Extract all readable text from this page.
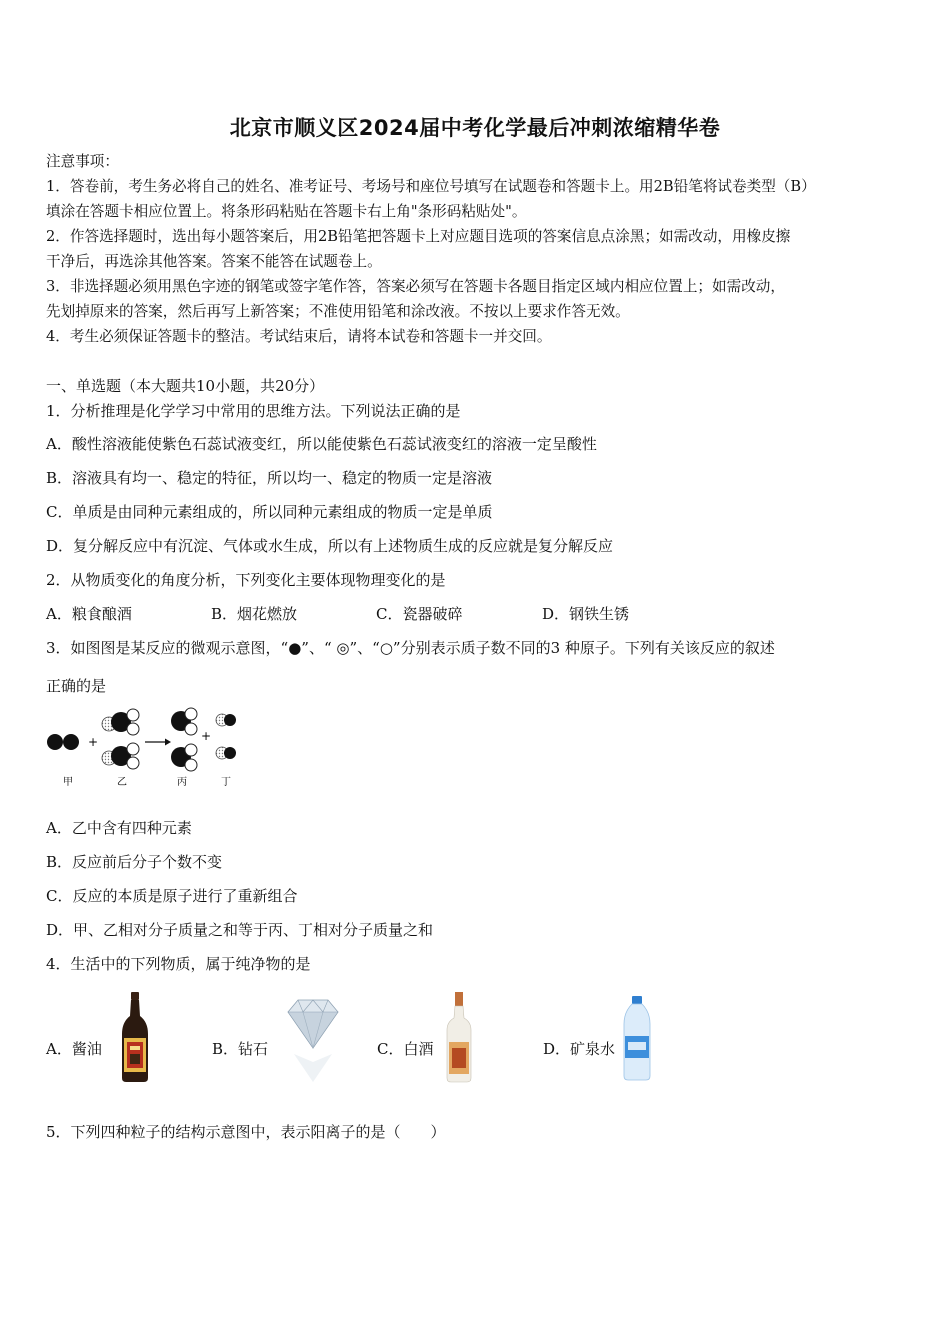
北京市顺义区2024届中考化学最后冲刺浓缩精华卷
注意事项：
1．答卷前，考生务必将自己的姓名、准考证号、考场号和座位号填写在试题卷和答题卡上。用2B铅笔将试卷类型（B）
填涂在答题卡相应位置上。将条形码粘贴在答题卡右上角"条形码粘贴处"。
2．作答选择题时，选出每小题答案后，用2B铅笔把答题卡上对应题目选项的答案信息点涂黑；如需改动，用橡皮擦
干净后，再选涂其他答案。答案不能答在试题卷上。
3．非选择题必须用黑色字迹的钢笔或签字笔作答，答案必须写在答题卡各题目指定区域内相应位置上；如需改动，
先划掉原来的答案，然后再写上新答案；不准使用铅笔和涂改液。不按以上要求作答无效。
4．考生必须保证答题卡的整洁。考试结束后，请将本试卷和答题卡一并交回。
一、单选题（本大题共10小题，共20分）
1．分析推理是化学学习中常用的思维方法。下列说法正确的是
A．酸性溶液能使紫色石蕊试液变红，所以能使紫色石蕊试液变红的溶液一定呈酸性
B．溶液具有均一、稳定的特征，所以均一、稳定的物质一定是溶液
C．单质是由同种元素组成的，所以同种元素组成的物质一定是单质
D．复分解反应中有沉淀、气体或水生成，所以有上述物质生成的反应就是复分解反应
2．从物质变化的角度分析，下列变化主要体现物理变化的是
A．粮食酿酒	B．烟花燃放	C．瓷器破碎	D．钢铁生锈
3．如图图是某反应的微观示意图，“●”、“ ◎”、“○”分别表示质子数不同的3 种原子。下列有关该反应的叙述
正确的是
+	+
甲	乙	丙	丁
A．乙中含有四种元素
B．反应前后分子个数不变
C．反应的本质是原子进行了重新组合
D．甲、乙相对分子质量之和等于丙、丁相对分子质量之和
4．生活中的下列物质，属于纯净物的是
A．酱油	B．钻石	C．白酒	D．矿泉水
5．下列四种粒子的结构示意图中，表示阳离子的是（　　）
